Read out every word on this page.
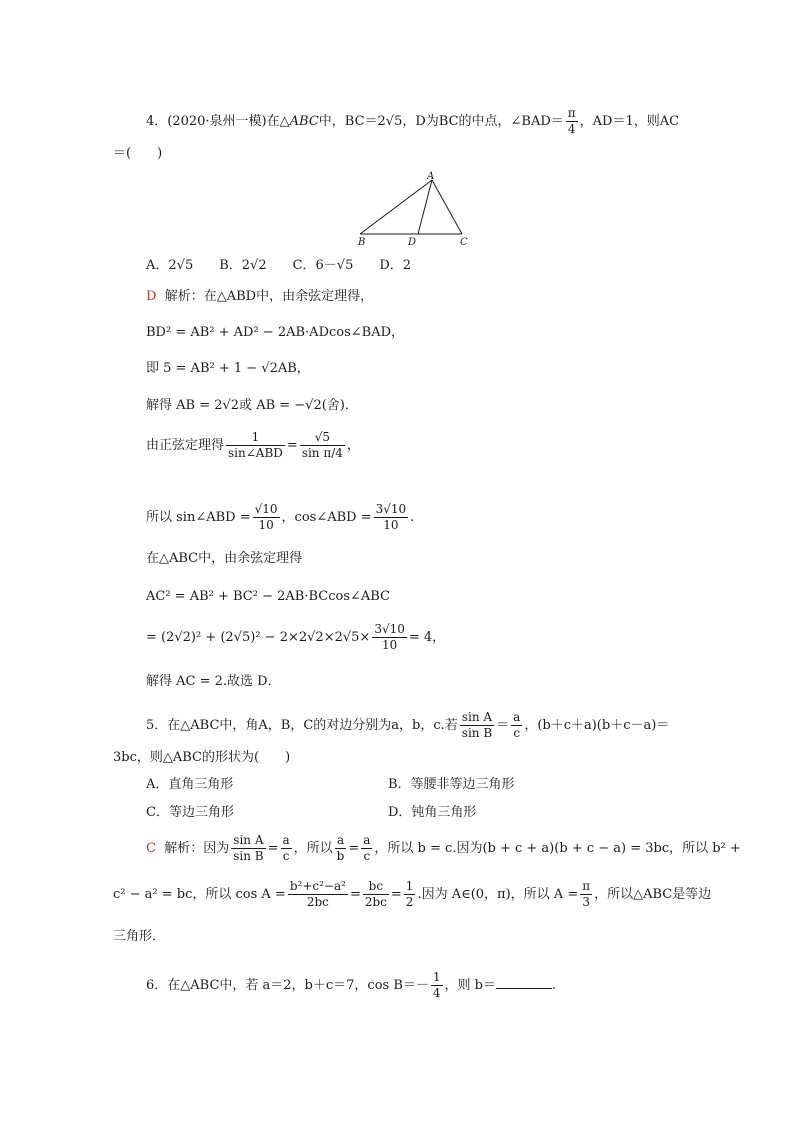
4．(2020·泉州一模)在△ABC中，BC＝2√5，D为BC的中点，∠BAD＝ $\frac{\pi}{4}$ ，AD＝1，则AC
＝(　　)
A
B	D	C
A．2√5　　B．2√2　　C．6－√5　　D．2
D 解析：在△ABD中，由余弦定理得，
BD² = AB² + AD² − 2AB·ADcos∠BAD，
即 5 = AB² + 1 − √2AB，
解得 AB = 2√2或 AB = −√2(舍)．
由正弦定理得 $\frac{1}{\text{sin∠ABD}} = \frac{√5}{\text{sin π/4}}$ ，
所以 sin∠ABD = $\frac{√10}{10}$ ，cos∠ABD = $\frac{3√10}{10}$ .
在△ABC中，由余弦定理得
AC² = AB² + BC² − 2AB·BCcos∠ABC
= $(2√2)^2 + (2√5)^2 - 2\times 2√2\times 2√5\times \frac{3√10}{10} = 4$，
解得 AC = 2.故选 D．
5．在△ABC中，角A，B，C的对边分别为a，b，c.若 $\frac{\text{sin A}}{\text{sin B}} = \frac{a}{c}$ ，(b＋c＋a)(b＋c－a)＝
3bc，则△ABC的形状为(　　)
A．直角三角形	B．等腰非等边三角形
C．等边三角形	D．钝角三角形
C 解析：因为 $\frac{\text{sin A}}{\text{sin B}} = \frac{a}{c}$ ，所以 $\frac{a}{b} = \frac{a}{c}$ ，所以 b = c.因为(b + c + a)(b + c − a) = 3bc，所以 b² +
c² − a² = bc，所以 $\cos A = \frac{\text{b²+c²−a²}}{2bc} = \frac{bc}{2bc} = \frac{1}{2}$ .因为 A∈(0，π)，所以 $A = \frac{\pi}{3}$ ，所以△ABC是等边
三角形．
6．在△ABC中，若 a＝2，b＋c＝7，$\cos B=- \frac{1}{4}$ ，则 b＝	.
